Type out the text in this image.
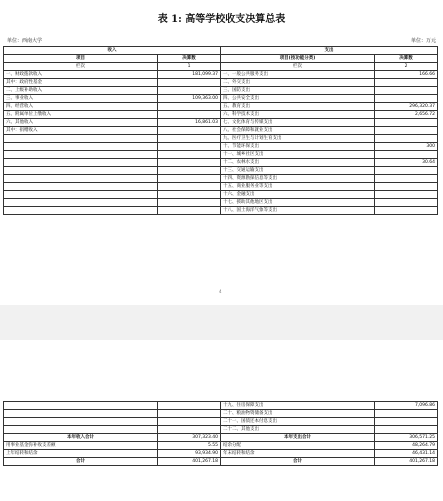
表 1: 高等学校收支决算总表
单位：西南大学	单位：万元
收入		支出	
项目	决算数	项目(按功能分类)	决算数
栏次	1	栏次	2
一、财政拨款收入	181,099.37	一、一般公共服务支出	166.66
其中：政府性基金		二、外交支出	
二、上级补助收入		三、国防支出	
三、事业收入	109,363.00	四、公共安全支出	
四、经营收入		五、教育支出	296,320.37
五、附属单位上缴收入		六、科学技术支出	2,656.72
六、其他收入	16,861.03	七、文化体育与传媒支出	
其中：捐赠收入		八、社会保障和就业支出	
		九、医疗卫生与计划生育支出	
		十、节能环保支出	300
		十一、城乡社区支出	
		十二、农林水支出	30.64
		十三、交通运输支出	
		十四、资源勘探信息等支出	
		十五、商业服务业等支出	
		十六、金融支出	
		十七、援助其他地区支出	
		十八、国土海洋气象等支出	
4
		十九、住房保障支出	7,096.86
		二十、粮油物资储备支出	
		二十一、国债还本付息支出	
		二十二、其他支出	
本年收入合计	307,323.40	本年支出合计	306,571.25
用事业基金弥补收支差额	5.55	结余分配	48,264.79
上年结转和结余	93,934.90	年末结转和结余	46,431.14
合计	401,267.18	合计	401,267.18
